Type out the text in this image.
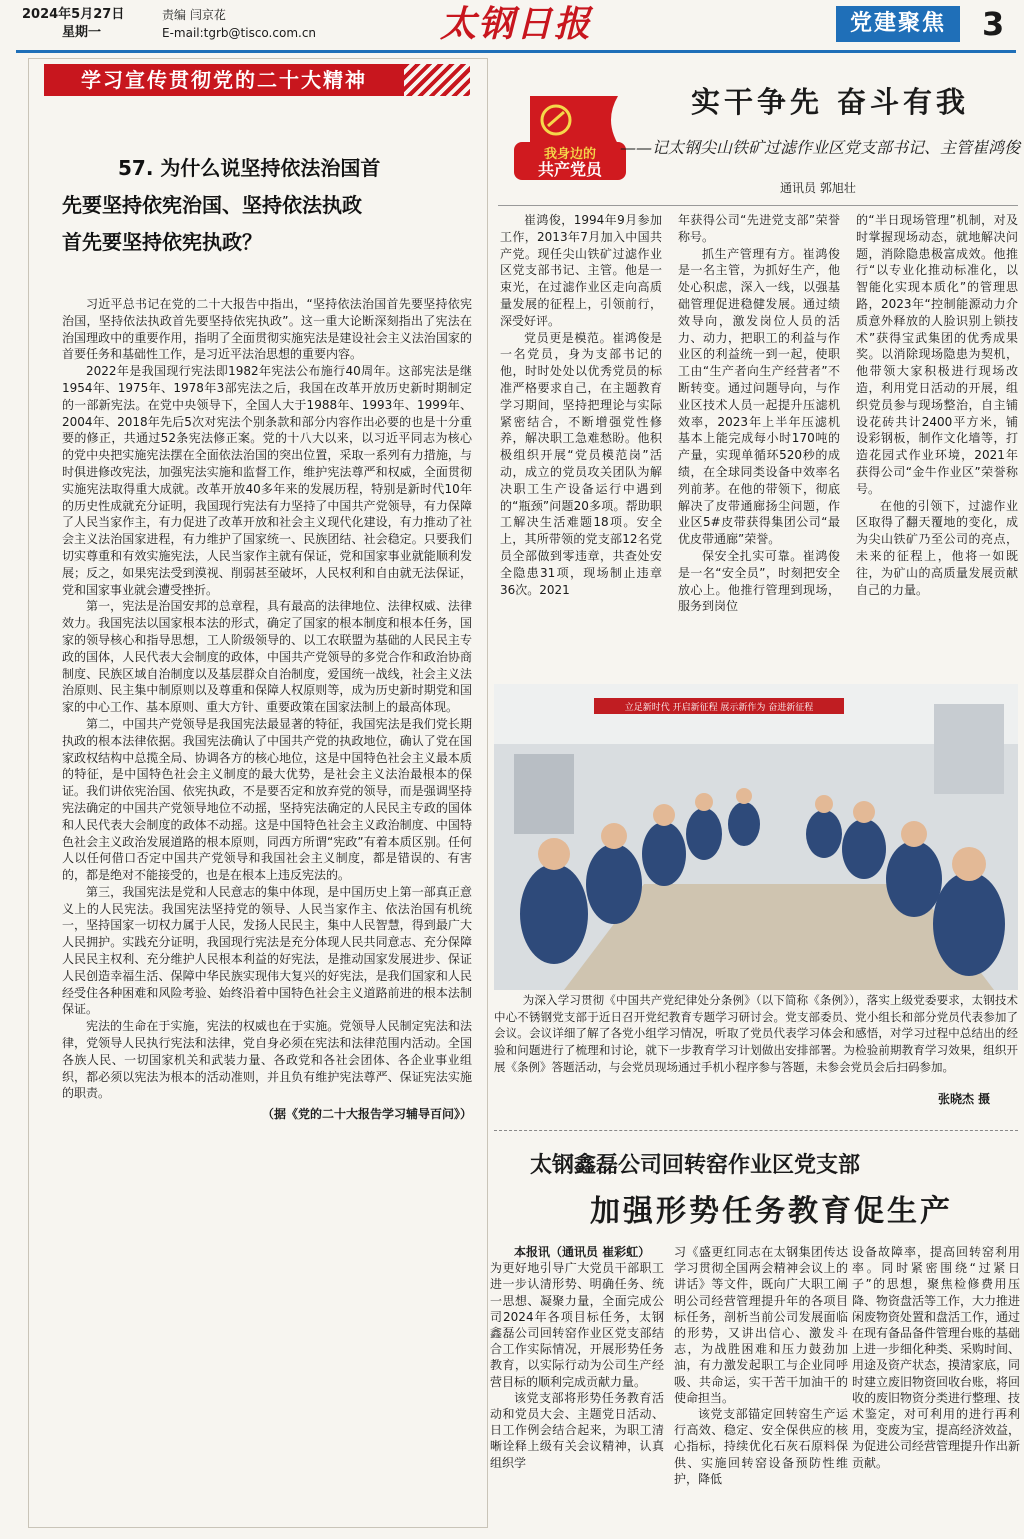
2024年5月27日
星期一
责编 闫京花
E-mail:tgrb@tisco.com.cn	太钢日报	党建聚焦	3
学习宣传贯彻党的二十大精神
57. 为什么说坚持依法治国首
先要坚持依宪治国、坚持依法执政
首先要坚持依宪执政？

习近平总书记在党的二十大报告中指出，“坚持依法治国首先要坚持依宪治国，坚持依法执政首先要坚持依宪执政”。这一重大论断深刻指出了宪法在治国理政中的重要作用，指明了全面贯彻实施宪法是建设社会主义法治国家的首要任务和基础性工作，是习近平法治思想的重要内容。

2022年是我国现行宪法即1982年宪法公布施行40周年。这部宪法是继1954年、1975年、1978年3部宪法之后，我国在改革开放历史新时期制定的一部新宪法。在党中央领导下，全国人大于1988年、1993年、1999年、2004年、2018年先后5次对宪法个别条款和部分内容作出必要的也是十分重要的修正，共通过52条宪法修正案。党的十八大以来，以习近平同志为核心的党中央把实施宪法摆在全面依法治国的突出位置，采取一系列有力措施，与时俱进修改宪法，加强宪法实施和监督工作，维护宪法尊严和权威，全面贯彻实施宪法取得重大成就。改革开放40多年来的发展历程，特别是新时代10年的历史性成就充分证明，我国现行宪法有力坚持了中国共产党领导，有力保障了人民当家作主，有力促进了改革开放和社会主义现代化建设，有力推动了社会主义法治国家进程，有力维护了国家统一、民族团结、社会稳定。只要我们切实尊重和有效实施宪法，人民当家作主就有保证，党和国家事业就能顺利发展；反之，如果宪法受到漠视、削弱甚至破坏，人民权利和自由就无法保证，党和国家事业就会遭受挫折。

第一，宪法是治国安邦的总章程，具有最高的法律地位、法律权威、法律效力。我国宪法以国家根本法的形式，确定了国家的根本制度和根本任务，国家的领导核心和指导思想，工人阶级领导的、以工农联盟为基础的人民民主专政的国体，人民代表大会制度的政体，中国共产党领导的多党合作和政治协商制度、民族区域自治制度以及基层群众自治制度，爱国统一战线，社会主义法治原则、民主集中制原则以及尊重和保障人权原则等，成为历史新时期党和国家的中心工作、基本原则、重大方针、重要政策在国家法制上的最高体现。

第二，中国共产党领导是我国宪法最显著的特征，我国宪法是我们党长期执政的根本法律依据。我国宪法确认了中国共产党的执政地位，确认了党在国家政权结构中总揽全局、协调各方的核心地位，这是中国特色社会主义最本质的特征，是中国特色社会主义制度的最大优势，是社会主义法治最根本的保证。我们讲依宪治国、依宪执政，不是要否定和放弃党的领导，而是强调坚持宪法确定的中国共产党领导地位不动摇，坚持宪法确定的人民民主专政的国体和人民代表大会制度的政体不动摇。这是中国特色社会主义政治制度、中国特色社会主义政治发展道路的根本原则，同西方所谓“宪政”有着本质区别。任何人以任何借口否定中国共产党领导和我国社会主义制度，都是错误的、有害的，都是绝对不能接受的，也是在根本上违反宪法的。

第三，我国宪法是党和人民意志的集中体现，是中国历史上第一部真正意义上的人民宪法。我国宪法坚持党的领导、人民当家作主、依法治国有机统一，坚持国家一切权力属于人民，发扬人民民主，集中人民智慧，得到最广大人民拥护。实践充分证明，我国现行宪法是充分体现人民共同意志、充分保障人民民主权利、充分维护人民根本利益的好宪法，是推动国家发展进步、保证人民创造幸福生活、保障中华民族实现伟大复兴的好宪法，是我们国家和人民经受住各种困难和风险考验、始终沿着中国特色社会主义道路前进的根本法制保证。

宪法的生命在于实施，宪法的权威也在于实施。党领导人民制定宪法和法律，党领导人民执行宪法和法律，党自身必须在宪法和法律范围内活动。全国各族人民、一切国家机关和武装力量、各政党和各社会团体、各企业事业组织，都必须以宪法为根本的活动准则，并且负有维护宪法尊严、保证宪法实施的职责。

（据《党的二十大报告学习辅导百问》）

我身边的
共产党员
实干争先 奋斗有我
——记太钢尖山铁矿过滤作业区党支部书记、主管崔鸿俊
通讯员 郭旭壮

崔鸿俊，1994年9月参加工作，2013年7月加入中国共产党。现任尖山铁矿过滤作业区党支部书记、主管。他是一束光，在过滤作业区走向高质量发展的征程上，引领前行，深受好评。

党员更是模范。崔鸿俊是一名党员，身为支部书记的他，时时处处以优秀党员的标准严格要求自己，在主题教育学习期间，坚持把理论与实际紧密结合，不断增强党性修养，解决职工急难愁盼。他积极组织开展“党员模范岗”活动，成立的党员攻关团队为解决职工生产设备运行中遇到的“瓶颈”问题20多项。帮助职工解决生活难题18项。安全上，其所带领的党支部12名党员全部做到零违章，共查处安全隐患31项，现场制止违章36次。2021

年获得公司“先进党支部”荣誉称号。

抓生产管理有方。崔鸿俊是一名主管，为抓好生产，他处心积虑，深入一线，以强基础管理促进稳健发展。通过绩效导向，激发岗位人员的活力、动力，把职工的利益与作业区的利益统一到一起，使职工由“生产者向生产经营者”不断转变。通过问题导向，与作业区技术人员一起提升压滤机效率，2023年上半年压滤机基本上能完成每小时170吨的产量，实现单循环520秒的成绩，在全球同类设备中效率名列前茅。在他的带领下，彻底解决了皮带通廊扬尘问题，作业区5#皮带获得集团公司“最优皮带通廊”荣誉。

保安全扎实可靠。崔鸿俊是一名“安全员”，时刻把安全放心上。他推行管理到现场，服务到岗位

的“半日现场管理”机制，对及时掌握现场动态，就地解决问题，消除隐患极富成效。他推行“以专业化推动标准化，以智能化实现本质化”的管理思路，2023年“控制能源动力介质意外释放的人脸识别上锁技术”获得宝武集团的优秀成果奖。以消除现场隐患为契机，他带领大家积极进行现场改造，利用党日活动的开展，组织党员参与现场整治，自主铺设花砖共计2400平方米，铺设彩钢板，制作文化墙等，打造花园式作业环境，2021年获得公司“金牛作业区”荣誉称号。

在他的引领下，过滤作业区取得了翻天覆地的变化，成为尖山铁矿乃至公司的亮点，未来的征程上，他将一如既往，为矿山的高质量发展贡献自己的力量。

立足新时代 开启新征程 展示新作为 奋进新征程

为深入学习贯彻《中国共产党纪律处分条例》（以下简称《条例》），落实上级党委要求，太钢技术中心不锈钢党支部于近日召开党纪教育专题学习研讨会。党支部委员、党小组长和部分党员代表参加了会议。会议详细了解了各党小组学习情况，听取了党员代表学习体会和感悟，对学习过程中总结出的经验和问题进行了梳理和讨论，就下一步教育学习计划做出安排部署。为检验前期教育学习效果，组织开展《条例》答题活动，与会党员现场通过手机小程序参与答题，未参会党员会后扫码参加。

张晓杰 摄
太钢鑫磊公司回转窑作业区党支部
加强形势任务教育促生产

本报讯（通讯员 崔彩虹）

为更好地引导广大党员干部职工进一步认清形势、明确任务、统一思想、凝聚力量，全面完成公司2024年各项目标任务，太钢鑫磊公司回转窑作业区党支部结合工作实际情况，开展形势任务教育，以实际行动为公司生产经营目标的顺利完成贡献力量。

该党支部将形势任务教育活动和党员大会、主题党日活动、日工作例会结合起来，为职工清晰诠释上级有关会议精神，认真组织学

习《盛更红同志在太钢集团传达学习贯彻全国两会精神会议上的讲话》等文件，既向广大职工阐明公司经营管理提升年的各项目标任务，剖析当前公司发展面临的形势，又讲出信心、激发斗志，为战胜困难和压力鼓劲加油，有力激发起职工与企业同呼吸、共命运，实干苦干加油干的使命担当。

该党支部锚定回转窑生产运行高效、稳定、安全保供应的核心指标，持续优化石灰石原料保供、实施回转窑设备预防性维护，降低

设备故障率，提高回转窑利用率。同时紧密围绕“过紧日子”的思想，聚焦检修费用压降、物资盘活等工作，大力推进闲废物资处置和盘活工作，通过在现有备品备件管理台账的基础上进一步细化种类、采购时间、用途及资产状态，摸清家底，同时建立废旧物资回收台账，将回收的废旧物资分类进行整理、技术鉴定，对可利用的进行再利用，变废为宝，提高经济效益，为促进公司经营管理提升作出新贡献。
